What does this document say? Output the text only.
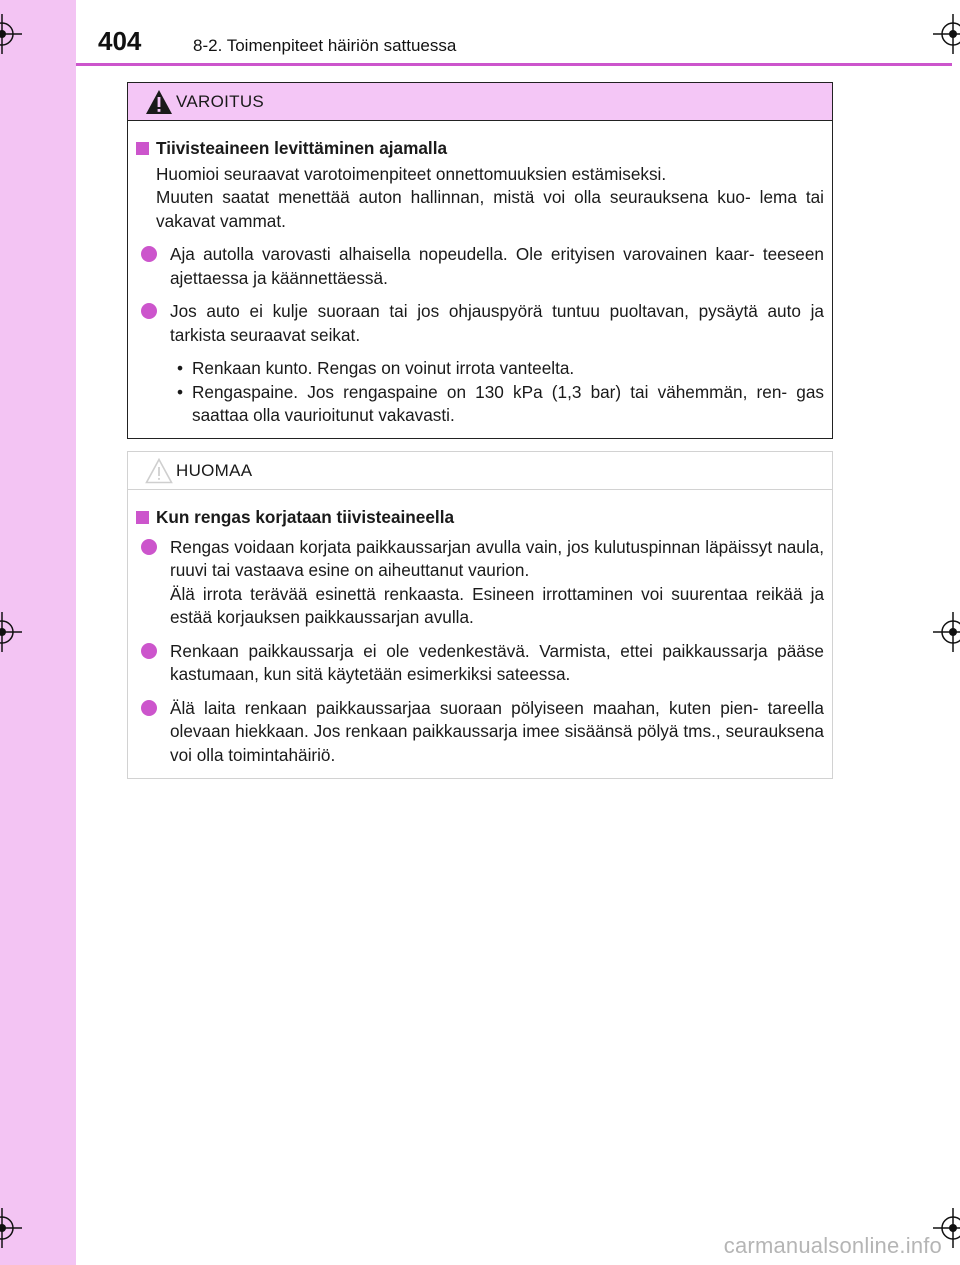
404	8-2. Toimenpiteet häiriön sattuessa
VAROITUS
Tiivisteaineen levittäminen ajamalla
Huomioi seuraavat varotoimenpiteet onnettomuuksien estämiseksi.
Muuten saatat menettää auton hallinnan, mistä voi olla seurauksena kuo- lema tai vakavat vammat.
Aja autolla varovasti alhaisella nopeudella. Ole erityisen varovainen kaar- teeseen ajettaessa ja käännettäessä.
Jos auto ei kulje suoraan tai jos ohjauspyörä tuntuu puoltavan, pysäytä auto ja tarkista seuraavat seikat.
• Renkaan kunto. Rengas on voinut irrota vanteelta.
• Rengaspaine. Jos rengaspaine on 130 kPa (1,3 bar) tai vähemmän, ren- gas saattaa olla vaurioitunut vakavasti.
HUOMAA
Kun rengas korjataan tiivisteaineella
Rengas voidaan korjata paikkaussarjan avulla vain, jos kulutuspinnan läpäissyt naula, ruuvi tai vastaava esine on aiheuttanut vaurion.
Älä irrota terävää esinettä renkaasta. Esineen irrottaminen voi suurentaa reikää ja estää korjauksen paikkaussarjan avulla.
Renkaan paikkaussarja ei ole vedenkestävä. Varmista, ettei paikkaussarja pääse kastumaan, kun sitä käytetään esimerkiksi sateessa.
Älä laita renkaan paikkaussarjaa suoraan pölyiseen maahan, kuten pien- tareella olevaan hiekkaan. Jos renkaan paikkaussarja imee sisäänsä pölyä tms., seurauksena voi olla toimintahäiriö.
carmanualsonline.info
